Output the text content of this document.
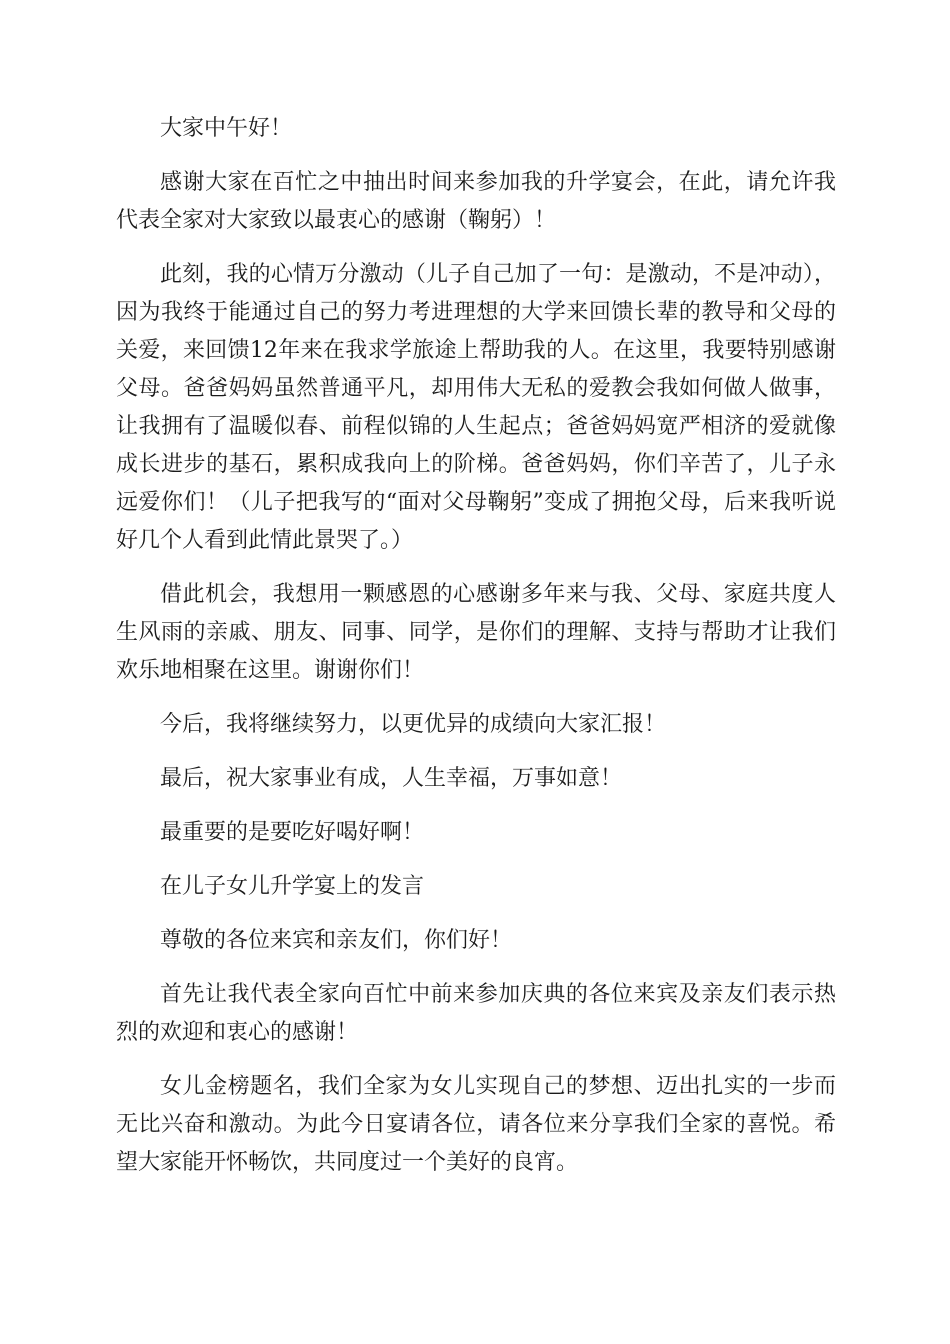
大家中午好！

感谢大家在百忙之中抽出时间来参加我的升学宴会，在此，请允许我代表全家对大家致以最衷心的感谢（鞠躬）！

此刻，我的心情万分激动（儿子自己加了一句：是激动，不是冲动），因为我终于能通过自己的努力考进理想的大学来回馈长辈的教导和父母的关爱，来回馈12年来在我求学旅途上帮助我的人。在这里，我要特别感谢父母。爸爸妈妈虽然普通平凡，却用伟大无私的爱教会我如何做人做事，让我拥有了温暖似春、前程似锦的人生起点；爸爸妈妈宽严相济的爱就像成长进步的基石，累积成我向上的阶梯。爸爸妈妈，你们辛苦了，儿子永远爱你们！（儿子把我写的“面对父母鞠躬”变成了拥抱父母，后来我听说好几个人看到此情此景哭了。）

借此机会，我想用一颗感恩的心感谢多年来与我、父母、家庭共度人生风雨的亲戚、朋友、同事、同学，是你们的理解、支持与帮助才让我们欢乐地相聚在这里。谢谢你们！

今后，我将继续努力，以更优异的成绩向大家汇报！

最后，祝大家事业有成，人生幸福，万事如意！

最重要的是要吃好喝好啊！

在儿子女儿升学宴上的发言

尊敬的各位来宾和亲友们，你们好！

首先让我代表全家向百忙中前来参加庆典的各位来宾及亲友们表示热烈的欢迎和衷心的感谢！

女儿金榜题名，我们全家为女儿实现自己的梦想、迈出扎实的一步而无比兴奋和激动。为此今日宴请各位，请各位来分享我们全家的喜悦。希望大家能开怀畅饮，共同度过一个美好的良宵。
